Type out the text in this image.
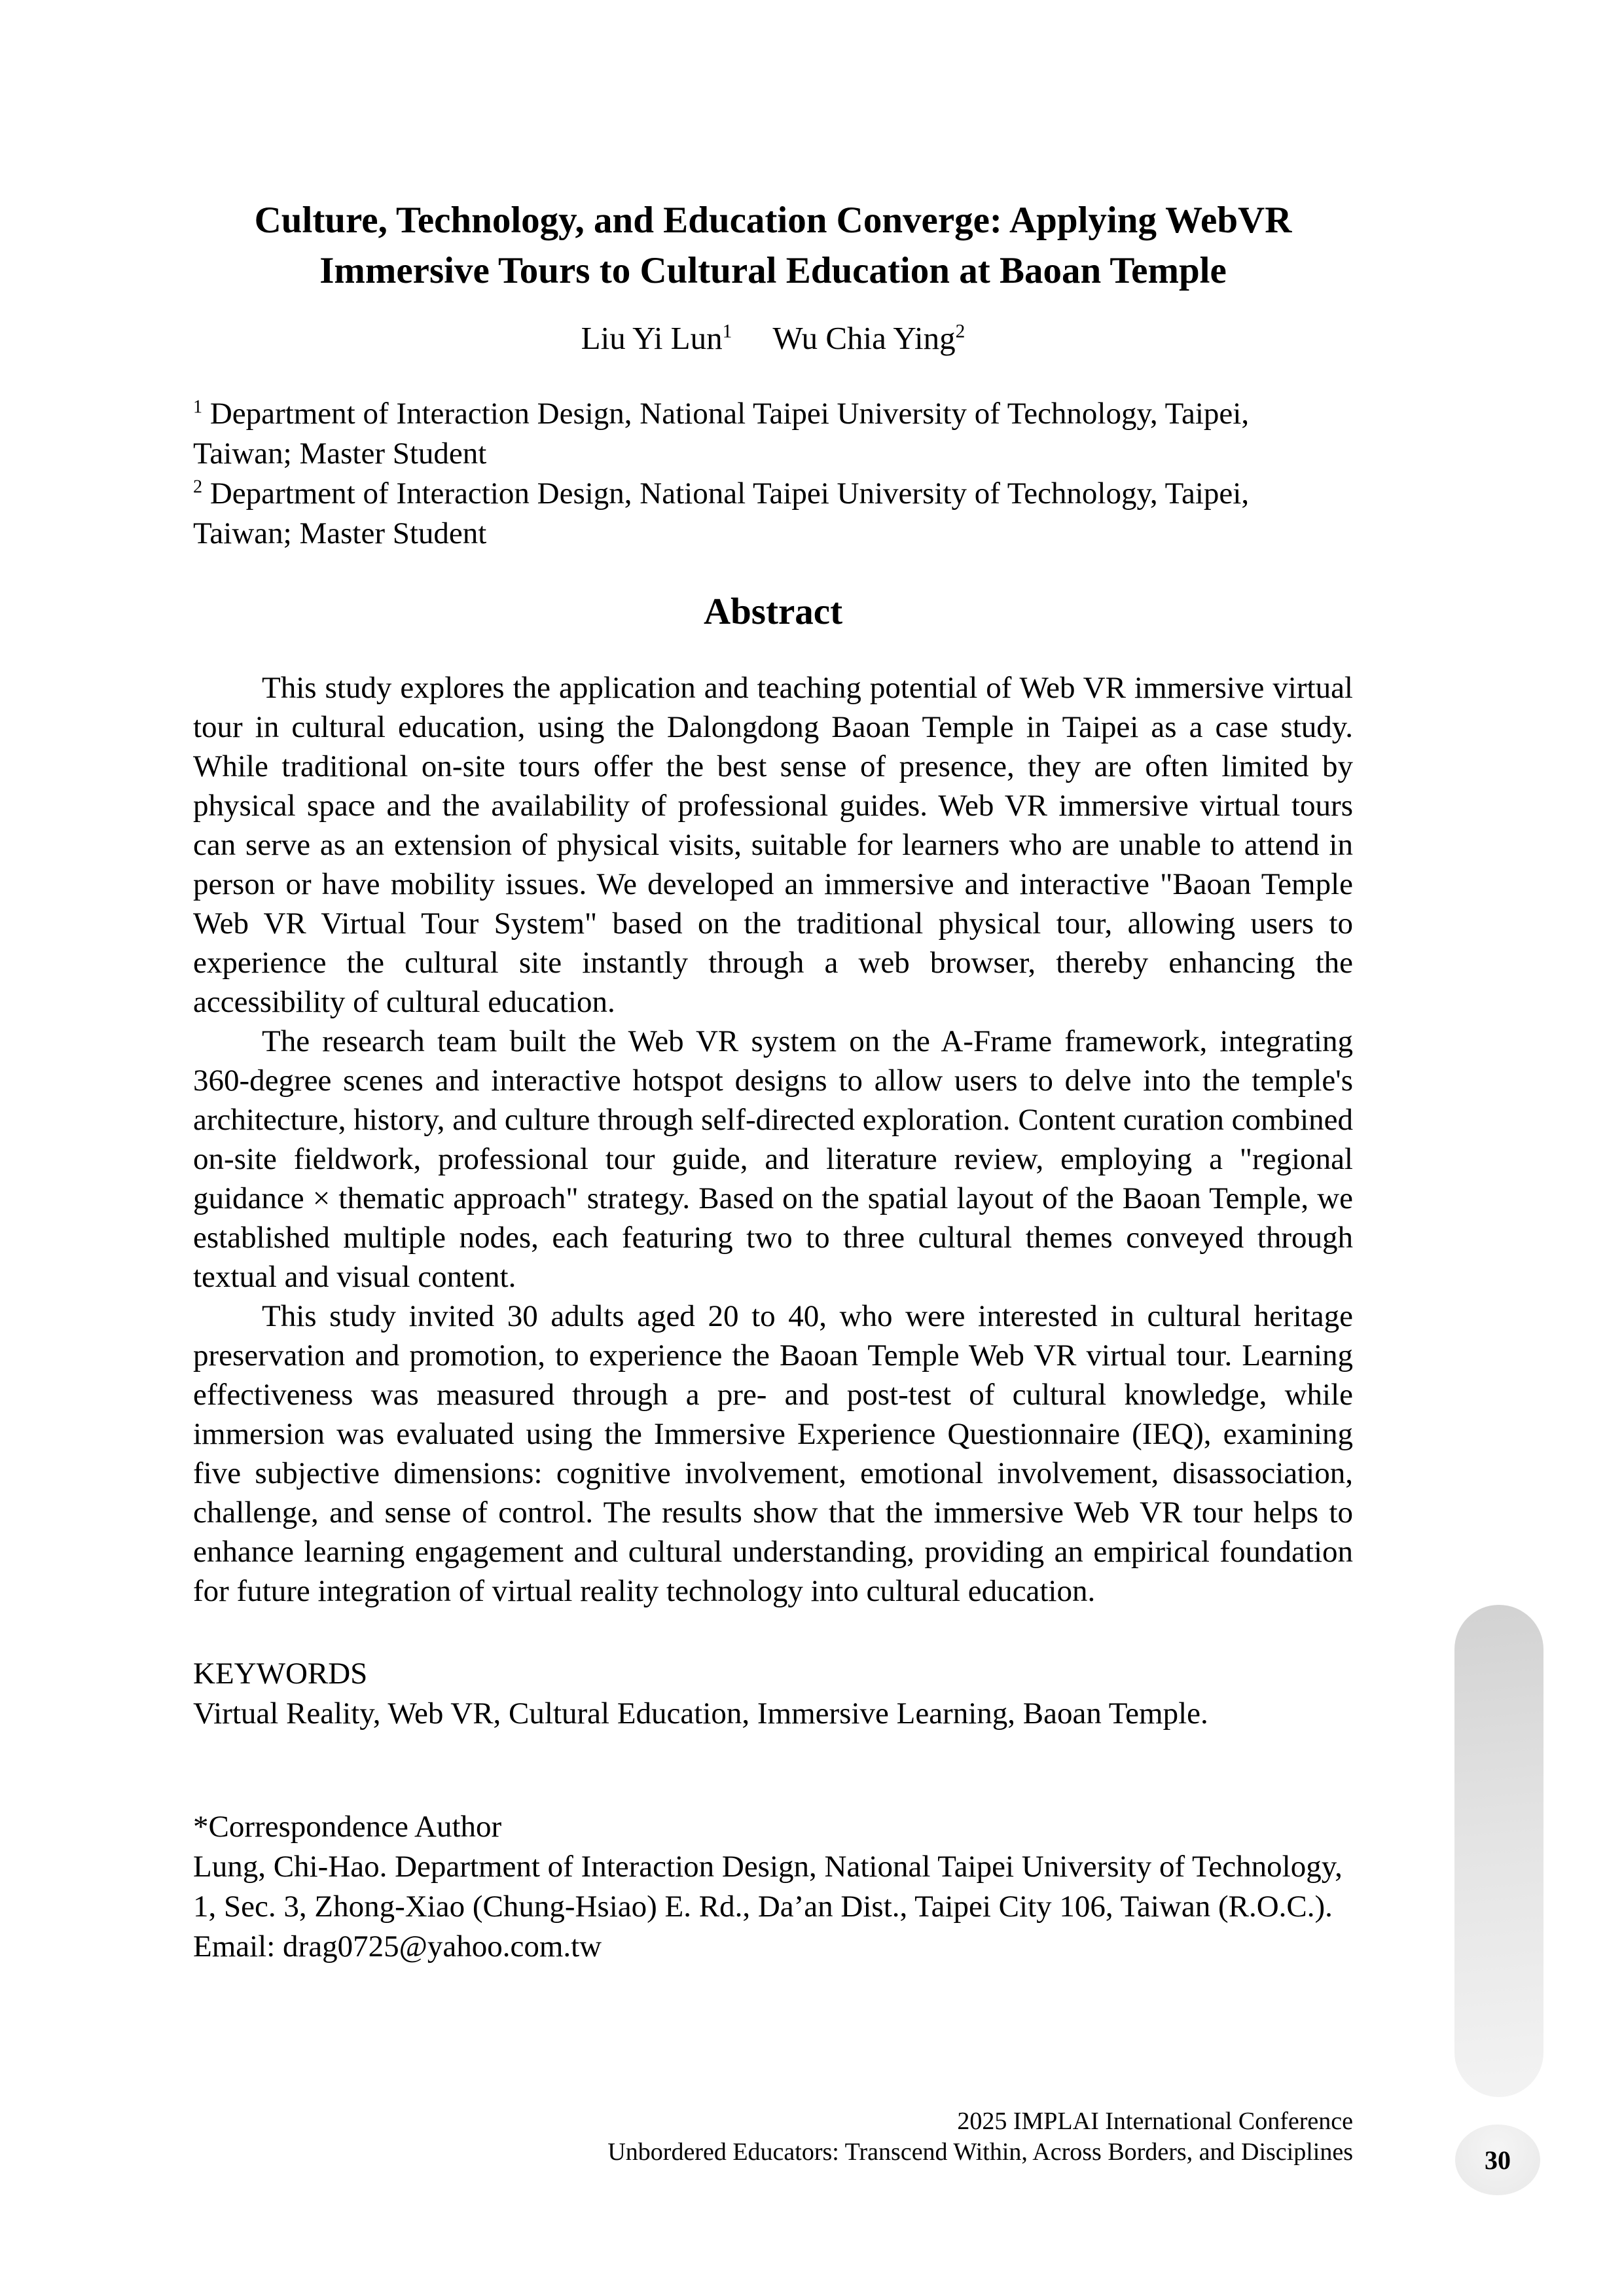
30
Culture, Technology, and Education Converge: Applying WebVR
Immersive Tours to Cultural Education at Baoan Temple
Liu Yi Lun$^1$ Wu Chia Ying$^2$
$^1$ Department of Interaction Design, National Taipei University of Technology, Taipei, Taiwan; Master Student
$^2$ Department of Interaction Design, National Taipei University of Technology, Taipei, Taiwan; Master Student
Abstract

This study explores the application and teaching potential of Web VR immersive virtual tour in cultural education, using the Dalongdong Baoan Temple in Taipei as a case study. While traditional on-site tours offer the best sense of presence, they are often limited by physical space and the availability of professional guides. Web VR immersive virtual tours can serve as an extension of physical visits, suitable for learners who are unable to attend in person or have mobility issues. We developed an immersive and interactive "Baoan Temple Web VR Virtual Tour System" based on the traditional physical tour, allowing users to experience the cultural site instantly through a web browser, thereby enhancing the accessibility of cultural education.

The research team built the Web VR system on the A-Frame framework, integrating 360-degree scenes and interactive hotspot designs to allow users to delve into the temple's architecture, history, and culture through self-directed exploration. Content curation combined on-site fieldwork, professional tour guide, and literature review, employing a "regional guidance × thematic approach" strategy. Based on the spatial layout of the Baoan Temple, we established multiple nodes, each featuring two to three cultural themes conveyed through textual and visual content.

This study invited 30 adults aged 20 to 40, who were interested in cultural heritage preservation and promotion, to experience the Baoan Temple Web VR virtual tour. Learning effectiveness was measured through a pre- and post-test of cultural knowledge, while immersion was evaluated using the Immersive Experience Questionnaire (IEQ), examining five subjective dimensions: cognitive involvement, emotional involvement, disassociation, challenge, and sense of control. The results show that the immersive Web VR tour helps to enhance learning engagement and cultural understanding, providing an empirical foundation for future integration of virtual reality technology into cultural education.

KEYWORDS
Virtual Reality, Web VR, Cultural Education, Immersive Learning, Baoan Temple.
*Correspondence Author
Lung, Chi-Hao. Department of Interaction Design, National Taipei University of Technology, 1, Sec. 3, Zhong-Xiao (Chung-Hsiao) E. Rd., Da’an Dist., Taipei City 106, Taiwan (R.O.C.). Email: drag0725@yahoo.com.tw
2025 IMPLAI International Conference
Unbordered Educators: Transcend Within, Across Borders, and Disciplines
